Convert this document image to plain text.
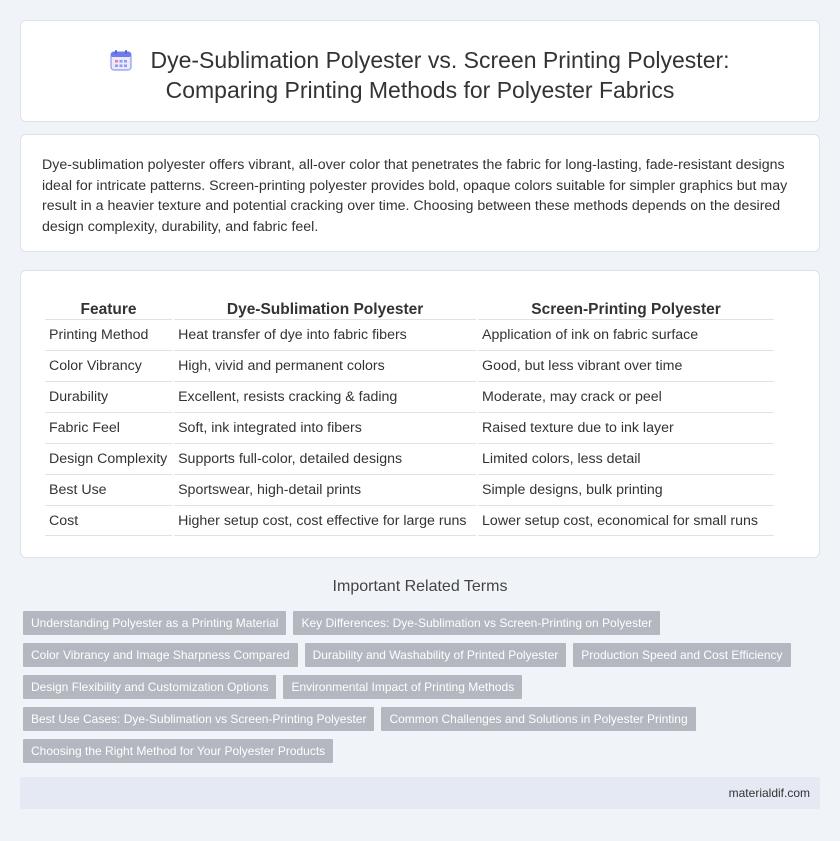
Dye-Sublimation Polyester vs. Screen Printing Polyester:
Comparing Printing Methods for Polyester Fabrics

Dye-sublimation polyester offers vibrant, all-over color that penetrates the fabric for long-lasting, fade-resistant designs ideal for intricate patterns. Screen-printing polyester provides bold, opaque colors suitable for simpler graphics but may result in a heavier texture and potential cracking over time. Choosing between these methods depends on the desired design complexity, durability, and fabric feel.

Feature	Dye-Sublimation Polyester	Screen-Printing Polyester
Printing Method	Heat transfer of dye into fabric fibers	Application of ink on fabric surface
Color Vibrancy	High, vivid and permanent colors	Good, but less vibrant over time
Durability	Excellent, resists cracking & fading	Moderate, may crack or peel
Fabric Feel	Soft, ink integrated into fibers	Raised texture due to ink layer
Design Complexity	Supports full-color, detailed designs	Limited colors, less detail
Best Use	Sportswear, high-detail prints	Simple designs, bulk printing
Cost	Higher setup cost, cost effective for large runs	Lower setup cost, economical for small runs
Important Related Terms
Understanding Polyester as a Printing Material	Key Differences: Dye-Sublimation vs Screen-Printing on Polyester
Color Vibrancy and Image Sharpness Compared	Durability and Washability of Printed Polyester	Production Speed and Cost Efficiency
Design Flexibility and Customization Options	Environmental Impact of Printing Methods
Best Use Cases: Dye-Sublimation vs Screen-Printing Polyester	Common Challenges and Solutions in Polyester Printing
Choosing the Right Method for Your Polyester Products
materialdif.com
